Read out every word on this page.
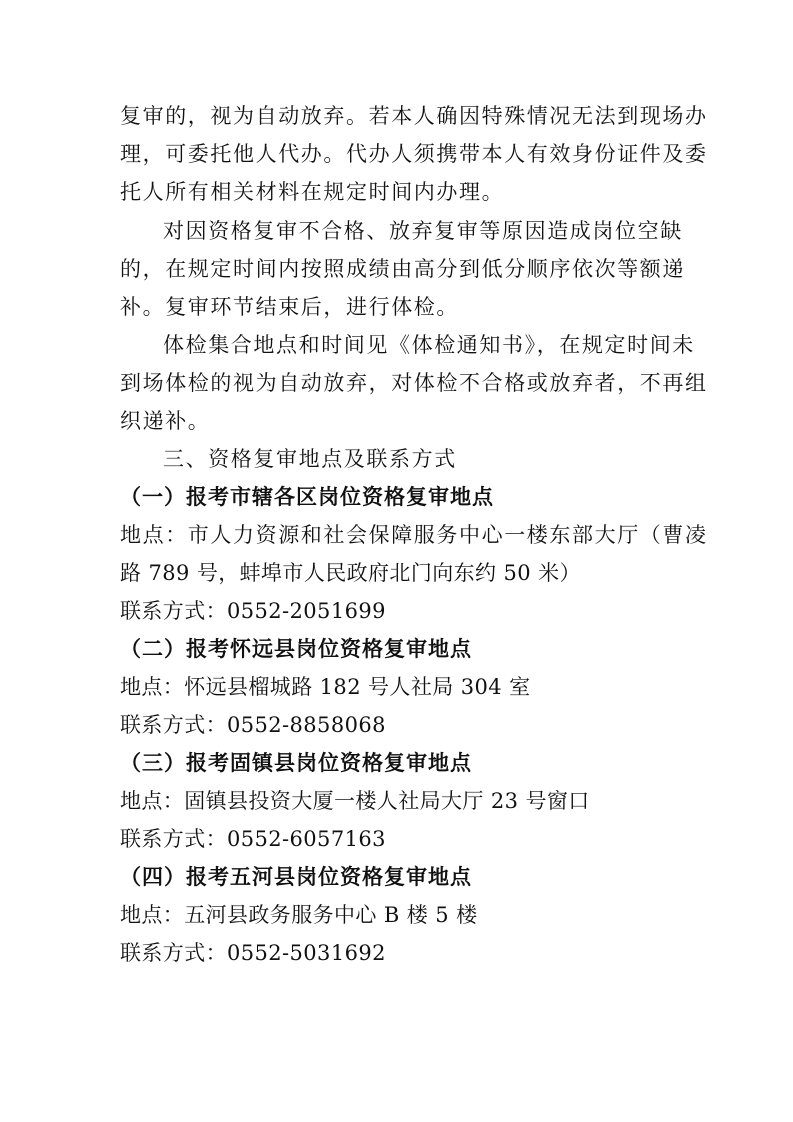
复审的，视为自动放弃。若本人确因特殊情况无法到现场办
理，可委托他人代办。代办人须携带本人有效身份证件及委
托人所有相关材料在规定时间内办理。
对因资格复审不合格、放弃复审等原因造成岗位空缺
的，在规定时间内按照成绩由高分到低分顺序依次等额递
补。复审环节结束后，进行体检。
体检集合地点和时间见《体检通知书》，在规定时间未
到场体检的视为自动放弃，对体检不合格或放弃者，不再组
织递补。
三、资格复审地点及联系方式
（一）报考市辖各区岗位资格复审地点
地点：市人力资源和社会保障服务中心一楼东部大厅（曹凌
路 789 号，蚌埠市人民政府北门向东约 50 米）
联系方式：0552-2051699
（二）报考怀远县岗位资格复审地点
地点：怀远县榴城路 182 号人社局 304 室
联系方式：0552-8858068
（三）报考固镇县岗位资格复审地点
地点：固镇县投资大厦一楼人社局大厅 23 号窗口
联系方式：0552-6057163
（四）报考五河县岗位资格复审地点
地点：五河县政务服务中心 B 楼 5 楼
联系方式：0552-5031692
